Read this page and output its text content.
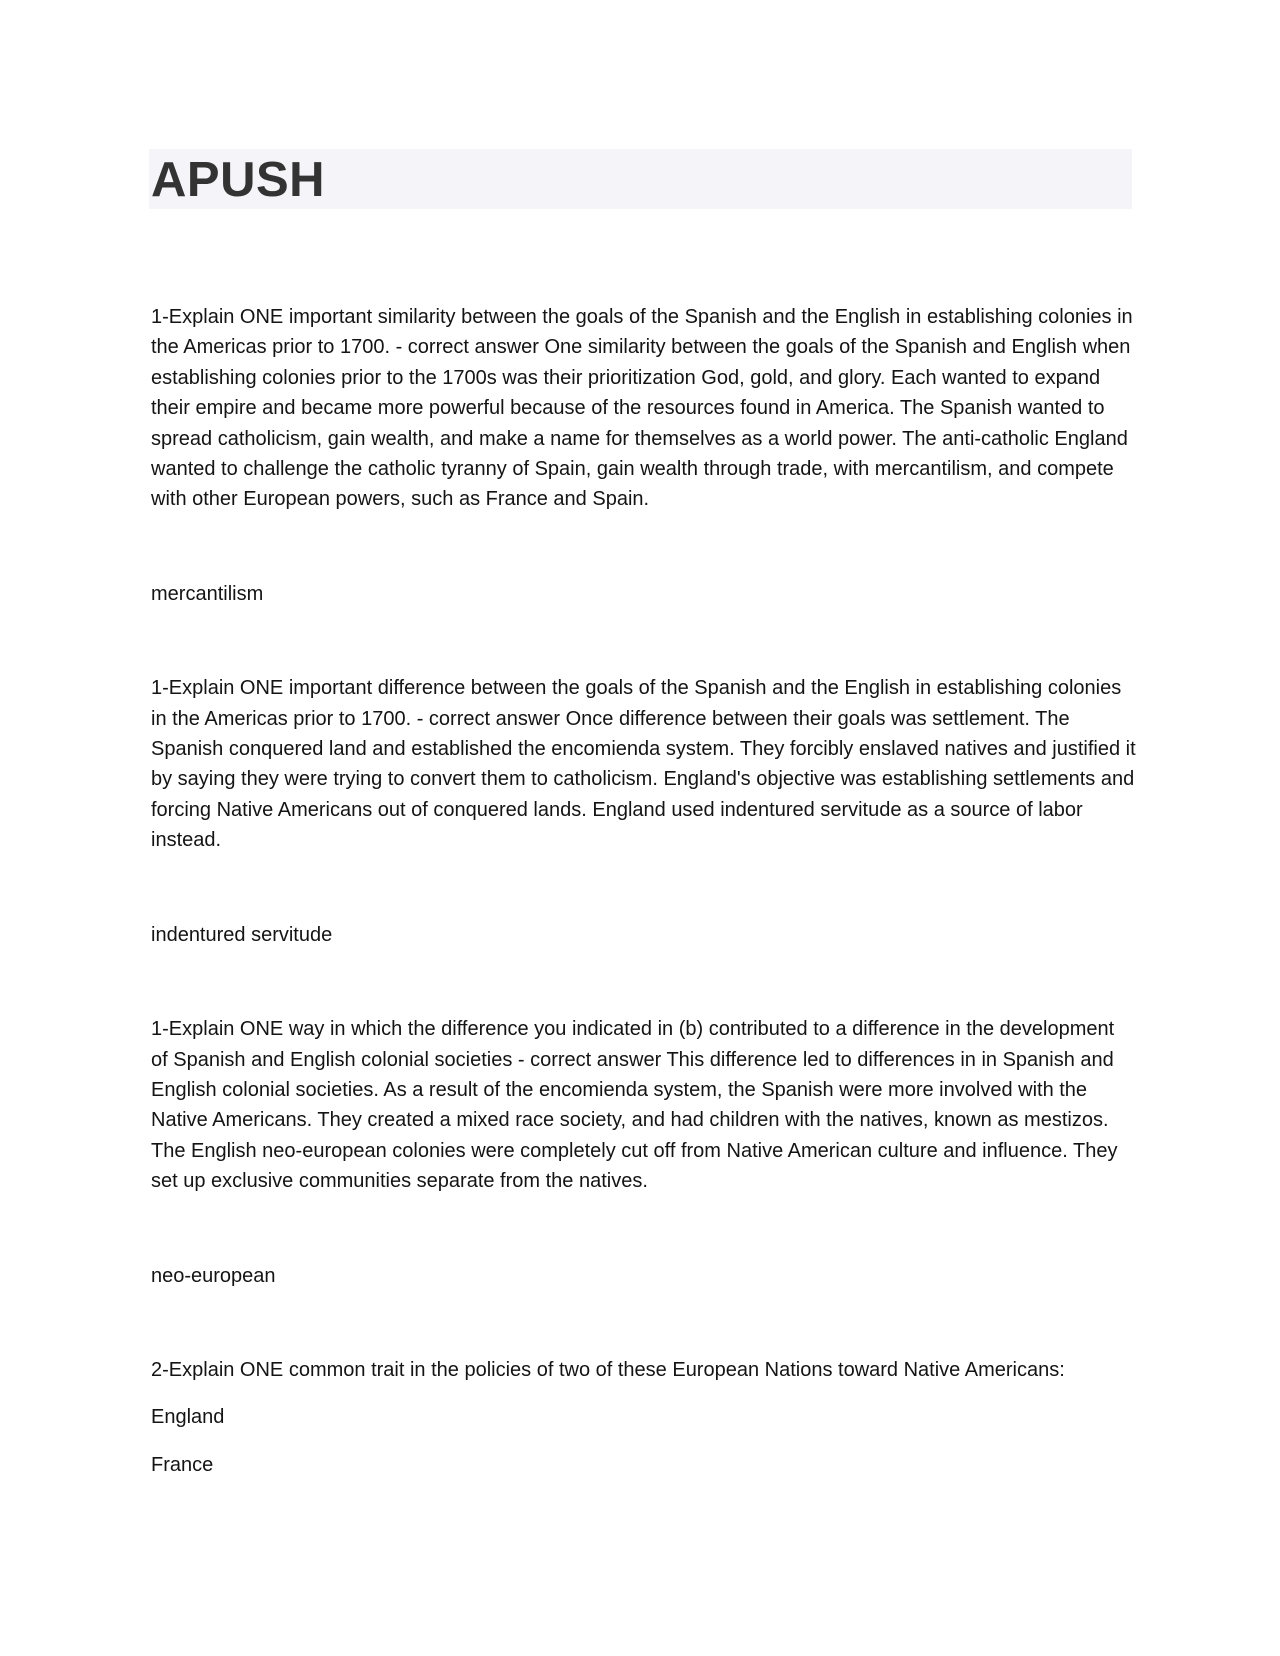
APUSH

1-Explain ONE important similarity between the goals of the Spanish and the English in establishing colonies in the Americas prior to 1700. - correct answer One similarity between the goals of the Spanish and English when establishing colonies prior to the 1700s was their prioritization God, gold, and glory. Each wanted to expand their empire and became more powerful because of the resources found in America. The Spanish wanted to spread catholicism, gain wealth, and make a name for themselves as a world power. The anti-catholic England wanted to challenge the catholic tyranny of Spain, gain wealth through trade, with mercantilism, and compete with other European powers, such as France and Spain.

mercantilism

1-Explain ONE important difference between the goals of the Spanish and the English in establishing colonies in the Americas prior to 1700. - correct answer Once difference between their goals was settlement. The Spanish conquered land and established the encomienda system. They forcibly enslaved natives and justified it by saying they were trying to convert them to catholicism. England's objective was establishing settlements and forcing Native Americans out of conquered lands. England used indentured servitude as a source of labor instead.

indentured servitude

1-Explain ONE way in which the difference you indicated in (b) contributed to a difference in the development of Spanish and English colonial societies - correct answer This difference led to differences in in Spanish and English colonial societies. As a result of the encomienda system, the Spanish were more involved with the Native Americans. They created a mixed race society, and had children with the natives, known as mestizos. The English neo-european colonies were completely cut off from Native American culture and influence. They set up exclusive communities separate from the natives.

neo-european

2-Explain ONE common trait in the policies of two of these European Nations toward Native Americans:

England

France
